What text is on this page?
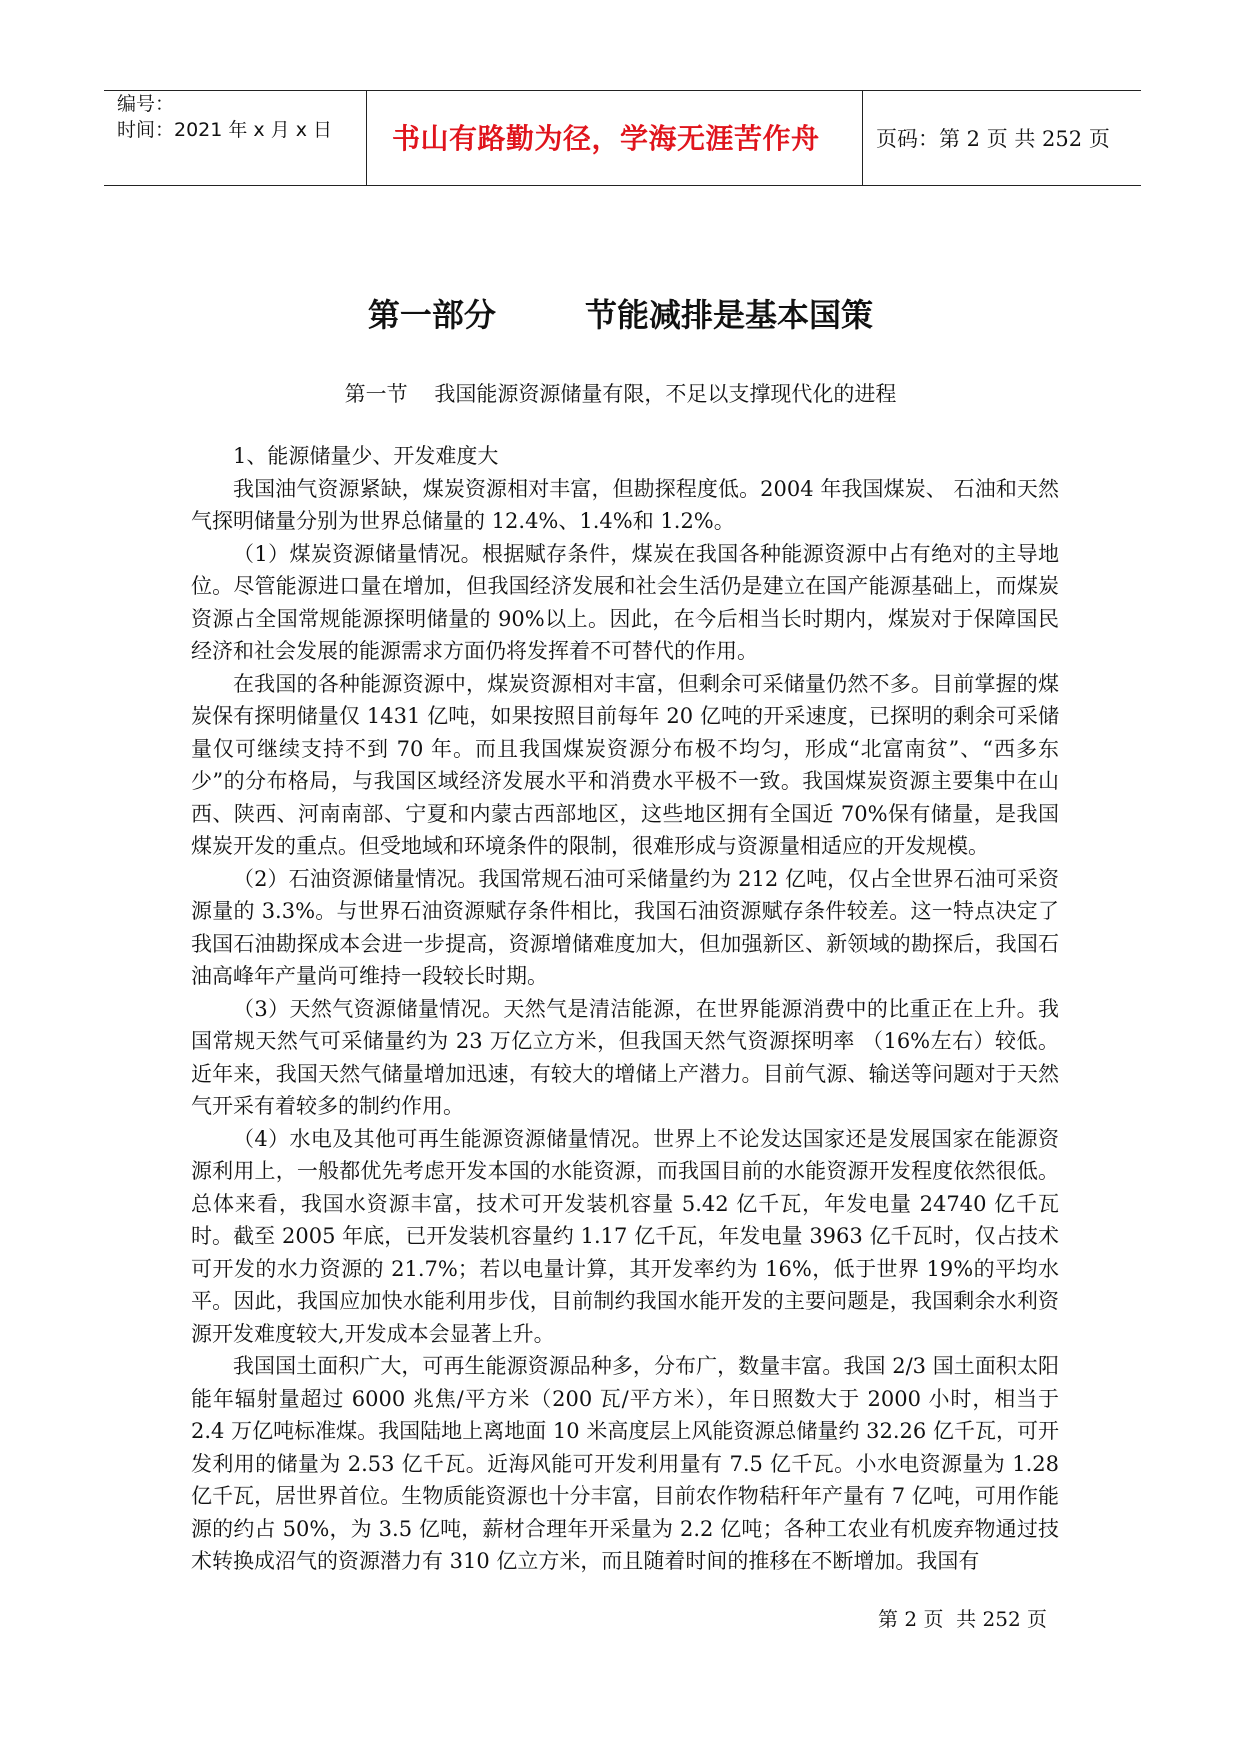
编号：
时间：2021 年 x 月 x 日 书山有路勤为径，学海无涯苦作舟	页码：第 2 页 共 252 页
第一部分        节能减排是基本国策
第一节    我国能源资源储量有限，不足以支撑现代化的进程

1、能源储量少、开发难度大

我国油气资源紧缺，煤炭资源相对丰富，但勘探程度低。2004 年我国煤炭、 石油和天然气探明储量分别为世界总储量的 12.4%、1.4%和 1.2%。

（1）煤炭资源储量情况。根据赋存条件，煤炭在我国各种能源资源中占有绝对的主导地位。尽管能源进口量在增加，但我国经济发展和社会生活仍是建立在国产能源基础上，而煤炭资源占全国常规能源探明储量的 90%以上。因此，在今后相当长时期内，煤炭对于保障国民经济和社会发展的能源需求方面仍将发挥着不可替代的作用。

在我国的各种能源资源中，煤炭资源相对丰富，但剩余可采储量仍然不多。目前掌握的煤炭保有探明储量仅 1431 亿吨，如果按照目前每年 20 亿吨的开采速度，已探明的剩余可采储量仅可继续支持不到 70 年。而且我国煤炭资源分布极不均匀，形成“北富南贫”、“西多东少”的分布格局，与我国区域经济发展水平和消费水平极不一致。我国煤炭资源主要集中在山西、陕西、河南南部、宁夏和内蒙古西部地区，这些地区拥有全国近 70%保有储量，是我国煤炭开发的重点。但受地域和环境条件的限制，很难形成与资源量相适应的开发规模。

（2）石油资源储量情况。我国常规石油可采储量约为 212 亿吨，仅占全世界石油可采资源量的 3.3%。与世界石油资源赋存条件相比，我国石油资源赋存条件较差。这一特点决定了我国石油勘探成本会进一步提高，资源增储难度加大，但加强新区、新领域的勘探后，我国石油高峰年产量尚可维持一段较长时期。

（3）天然气资源储量情况。天然气是清洁能源，在世界能源消费中的比重正在上升。我国常规天然气可采储量约为 23 万亿立方米，但我国天然气资源探明率 （16%左右）较低。近年来，我国天然气储量增加迅速，有较大的增储上产潜力。目前气源、输送等问题对于天然气开采有着较多的制约作用。

（4）水电及其他可再生能源资源储量情况。世界上不论发达国家还是发展国家在能源资源利用上，一般都优先考虑开发本国的水能资源，而我国目前的水能资源开发程度依然很低。总体来看，我国水资源丰富，技术可开发装机容量 5.42 亿千瓦，年发电量 24740 亿千瓦时。截至 2005 年底，已开发装机容量约 1.17 亿千瓦，年发电量 3963 亿千瓦时，仅占技术可开发的水力资源的 21.7%；若以电量计算，其开发率约为 16%，低于世界 19%的平均水平。因此，我国应加快水能利用步伐，目前制约我国水能开发的主要问题是，我国剩余水利资源开发难度较大,开发成本会显著上升。

我国国土面积广大，可再生能源资源品种多，分布广，数量丰富。我国 2/3 国土面积太阳能年辐射量超过 6000 兆焦/平方米（200 瓦/平方米），年日照数大于 2000 小时，相当于 2.4 万亿吨标准煤。我国陆地上离地面 10 米高度层上风能资源总储量约 32.26 亿千瓦，可开发利用的储量为 2.53 亿千瓦。近海风能可开发利用量有 7.5 亿千瓦。小水电资源量为 1.28 亿千瓦，居世界首位。生物质能资源也十分丰富，目前农作物秸秆年产量有 7 亿吨，可用作能源的约占 50%，为 3.5 亿吨，薪材合理年开采量为 2.2 亿吨；各种工农业有机废弃物通过技术转换成沼气的资源潜力有 310 亿立方米，而且随着时间的推移在不断增加。我国有

第 2 页  共 252 页
